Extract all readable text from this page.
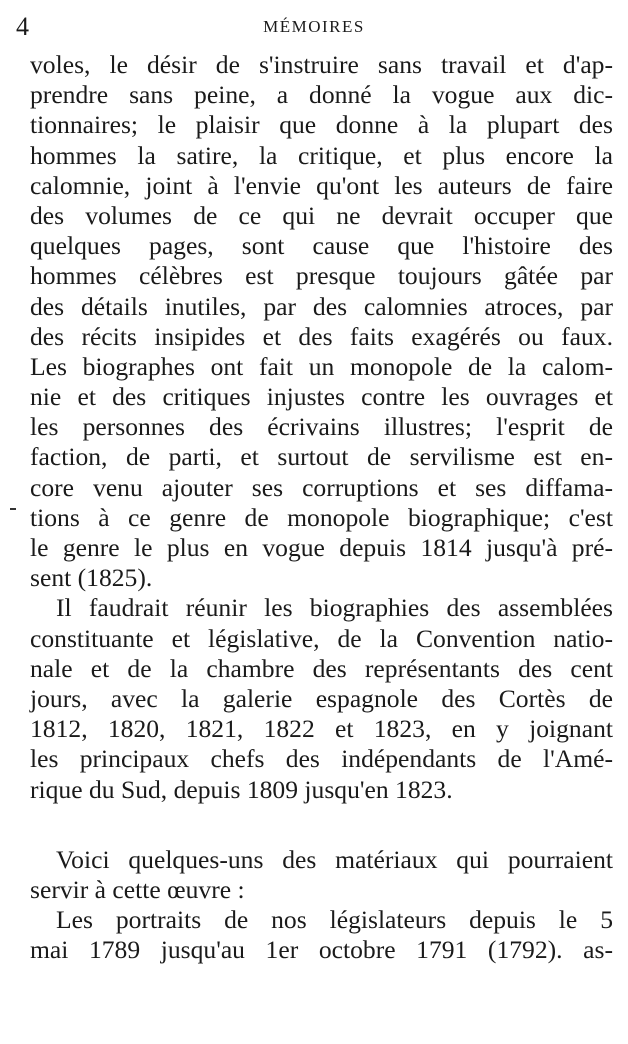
4	MÉMOIRES
voles, le désir de s'instruire sans travail et d'ap-
prendre sans peine, a donné la vogue aux dic-
tionnaires; le plaisir que donne à la plupart des
hommes la satire, la critique, et plus encore la
calomnie, joint à l'envie qu'ont les auteurs de faire
des volumes de ce qui ne devrait occuper que
quelques pages, sont cause que l'histoire des
hommes célèbres est presque toujours gâtée par
des détails inutiles, par des calomnies atroces, par
des récits insipides et des faits exagérés ou faux.
Les biographes ont fait un monopole de la calom-
nie et des critiques injustes contre les ouvrages et
les personnes des écrivains illustres; l'esprit de
faction, de parti, et surtout de servilisme est en-
core venu ajouter ses corruptions et ses diffama-
tions à ce genre de monopole biographique; c'est
le genre le plus en vogue depuis 1814 jusqu'à pré-
sent (1825).
Il faudrait réunir les biographies des assemblées
constituante et législative, de la Convention natio-
nale et de la chambre des représentants des cent
jours, avec la galerie espagnole des Cortès de
1812, 1820, 1821, 1822 et 1823, en y joignant
les principaux chefs des indépendants de l'Amé-
rique du Sud, depuis 1809 jusqu'en 1823.
Voici quelques-uns des matériaux qui pourraient
servir à cette œuvre :
Les portraits de nos législateurs depuis le 5
mai 1789 jusqu'au 1er octobre 1791 (1792). as-
